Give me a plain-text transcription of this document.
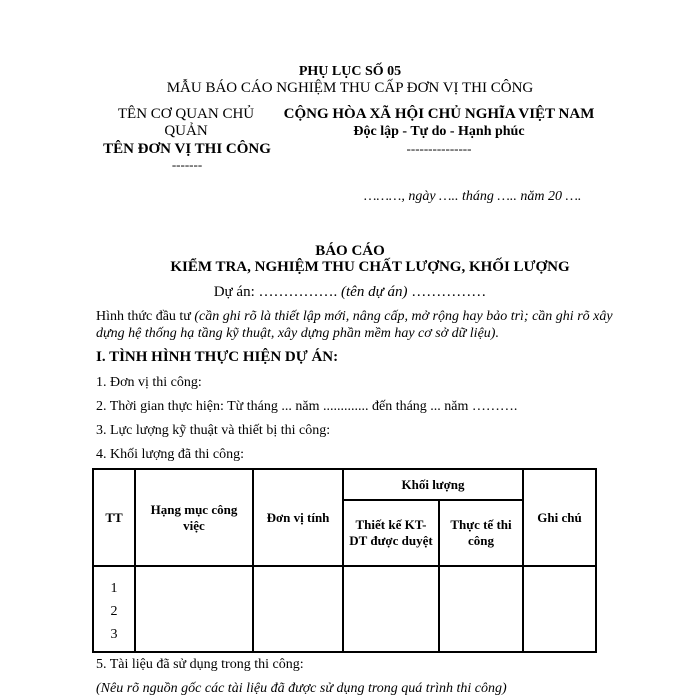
PHỤ LỤC SỐ 05
MẪU BÁO CÁO NGHIỆM THU CẤP ĐƠN VỊ THI CÔNG
TÊN CƠ QUAN CHỦ QUẢN
TÊN ĐƠN VỊ THI CÔNG
-------
CỘNG HÒA XÃ HỘI CHỦ NGHĨA VIỆT NAM
Độc lập - Tự do - Hạnh phúc
---------------
………, ngày ….. tháng ….. năm 20 ….
BÁO CÁO
KIỂM TRA, NGHIỆM THU CHẤT LƯỢNG, KHỐI LƯỢNG
Dự án: ……………. (tên dự án) ……………
Hình thức đầu tư (cần ghi rõ là thiết lập mới, nâng cấp, mở rộng hay bảo trì; cần ghi rõ xây dựng hệ thống hạ tầng kỹ thuật, xây dựng phần mềm hay cơ sở dữ liệu).
I. TÌNH HÌNH THỰC HIỆN DỰ ÁN:
1. Đơn vị thi công:
2. Thời gian thực hiện: Từ tháng ... năm ............. đến tháng ... năm ……….
3. Lực lượng kỹ thuật và thiết bị thi công:
4. Khối lượng đã thi công:
TT	Hạng mục công việc	Đơn vị tính	Khối lượng		Ghi chú
			Thiết kế KT-DT được duyệt	Thực tế thi công	

1
2
3					

5. Tài liệu đã sử dụng trong thi công:
(Nêu rõ nguồn gốc các tài liệu đã được sử dụng trong quá trình thi công)
